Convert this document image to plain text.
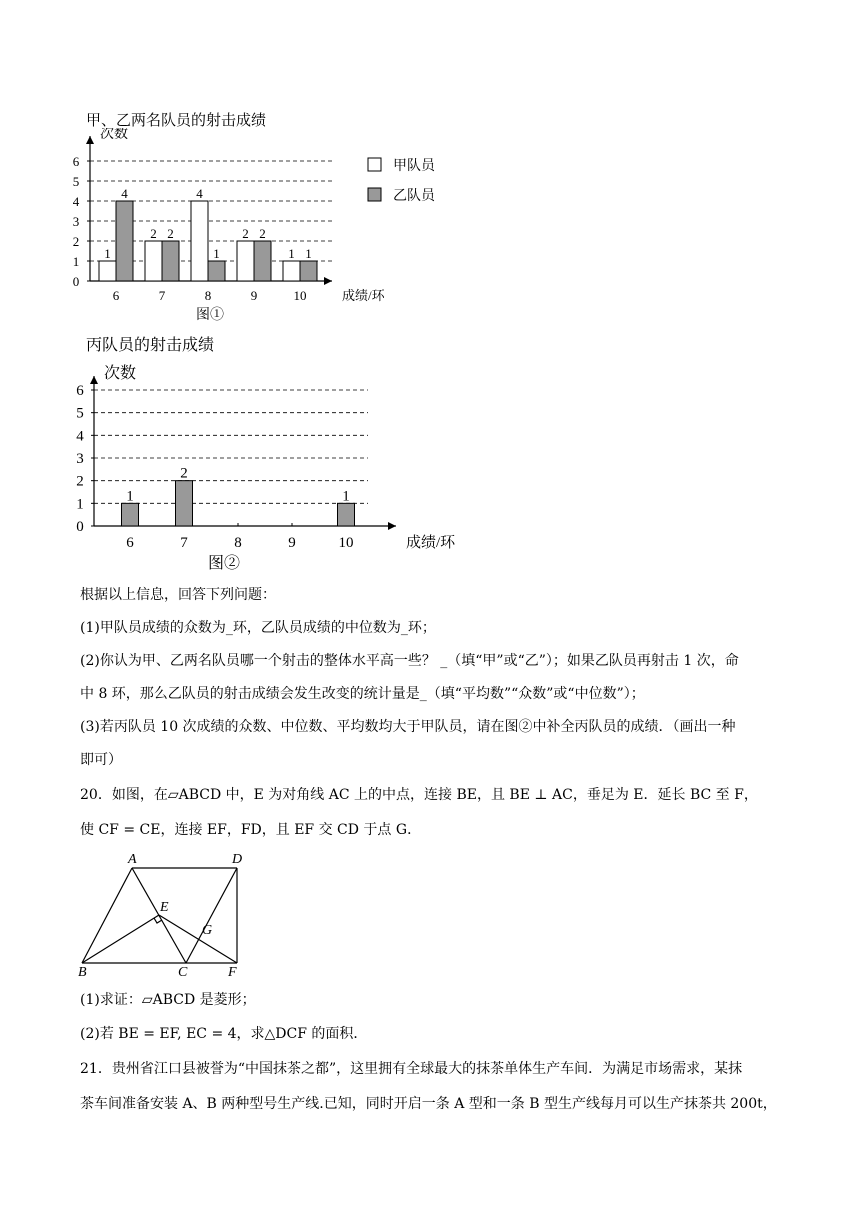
甲、乙两名队员的射击成绩
0
1
2
3
4
5
6
次数
成绩/环
图①
6
1
4
7
2 2
8
4
1
9
2 2
10
1 1
甲队员
乙队员
丙队员的射击成绩
0
1
2
3
4
5
6
次数
成绩/环
图②
6
1
7
2
8	9	10
1
根据以上信息，回答下列问题：
(1)甲队员成绩的众数为_环，乙队员成绩的中位数为_环；
(2)你认为甲、乙两名队员哪一个射击的整体水平高一些？ _（填“甲”或“乙”）；如果乙队员再射击 1 次，命
中 8 环，那么乙队员的射击成绩会发生改变的统计量是_（填“平均数”“众数”或“中位数”）；
(3)若丙队员 10 次成绩的众数、中位数、平均数均大于甲队员，请在图②中补全丙队员的成绩．（画出一种
即可）
20．如图，在▱ABCD 中，E 为对角线 AC 上的中点，连接 BE，且 BE ⊥ AC，垂足为 E．延长 BC 至 F，
使 CF = CE，连接 EF，FD，且 EF 交 CD 于点 G．
A	D
E
G
B	C	F
(1)求证：▱ABCD 是菱形；
(2)若 BE = EF, EC = 4，求△DCF 的面积．
21．贵州省江口县被誉为“中国抹茶之都”，这里拥有全球最大的抹茶单体生产车间．为满足市场需求，某抹
茶车间准备安装 A、B 两种型号生产线.已知，同时开启一条 A 型和一条 B 型生产线每月可以生产抹茶共 200t，
